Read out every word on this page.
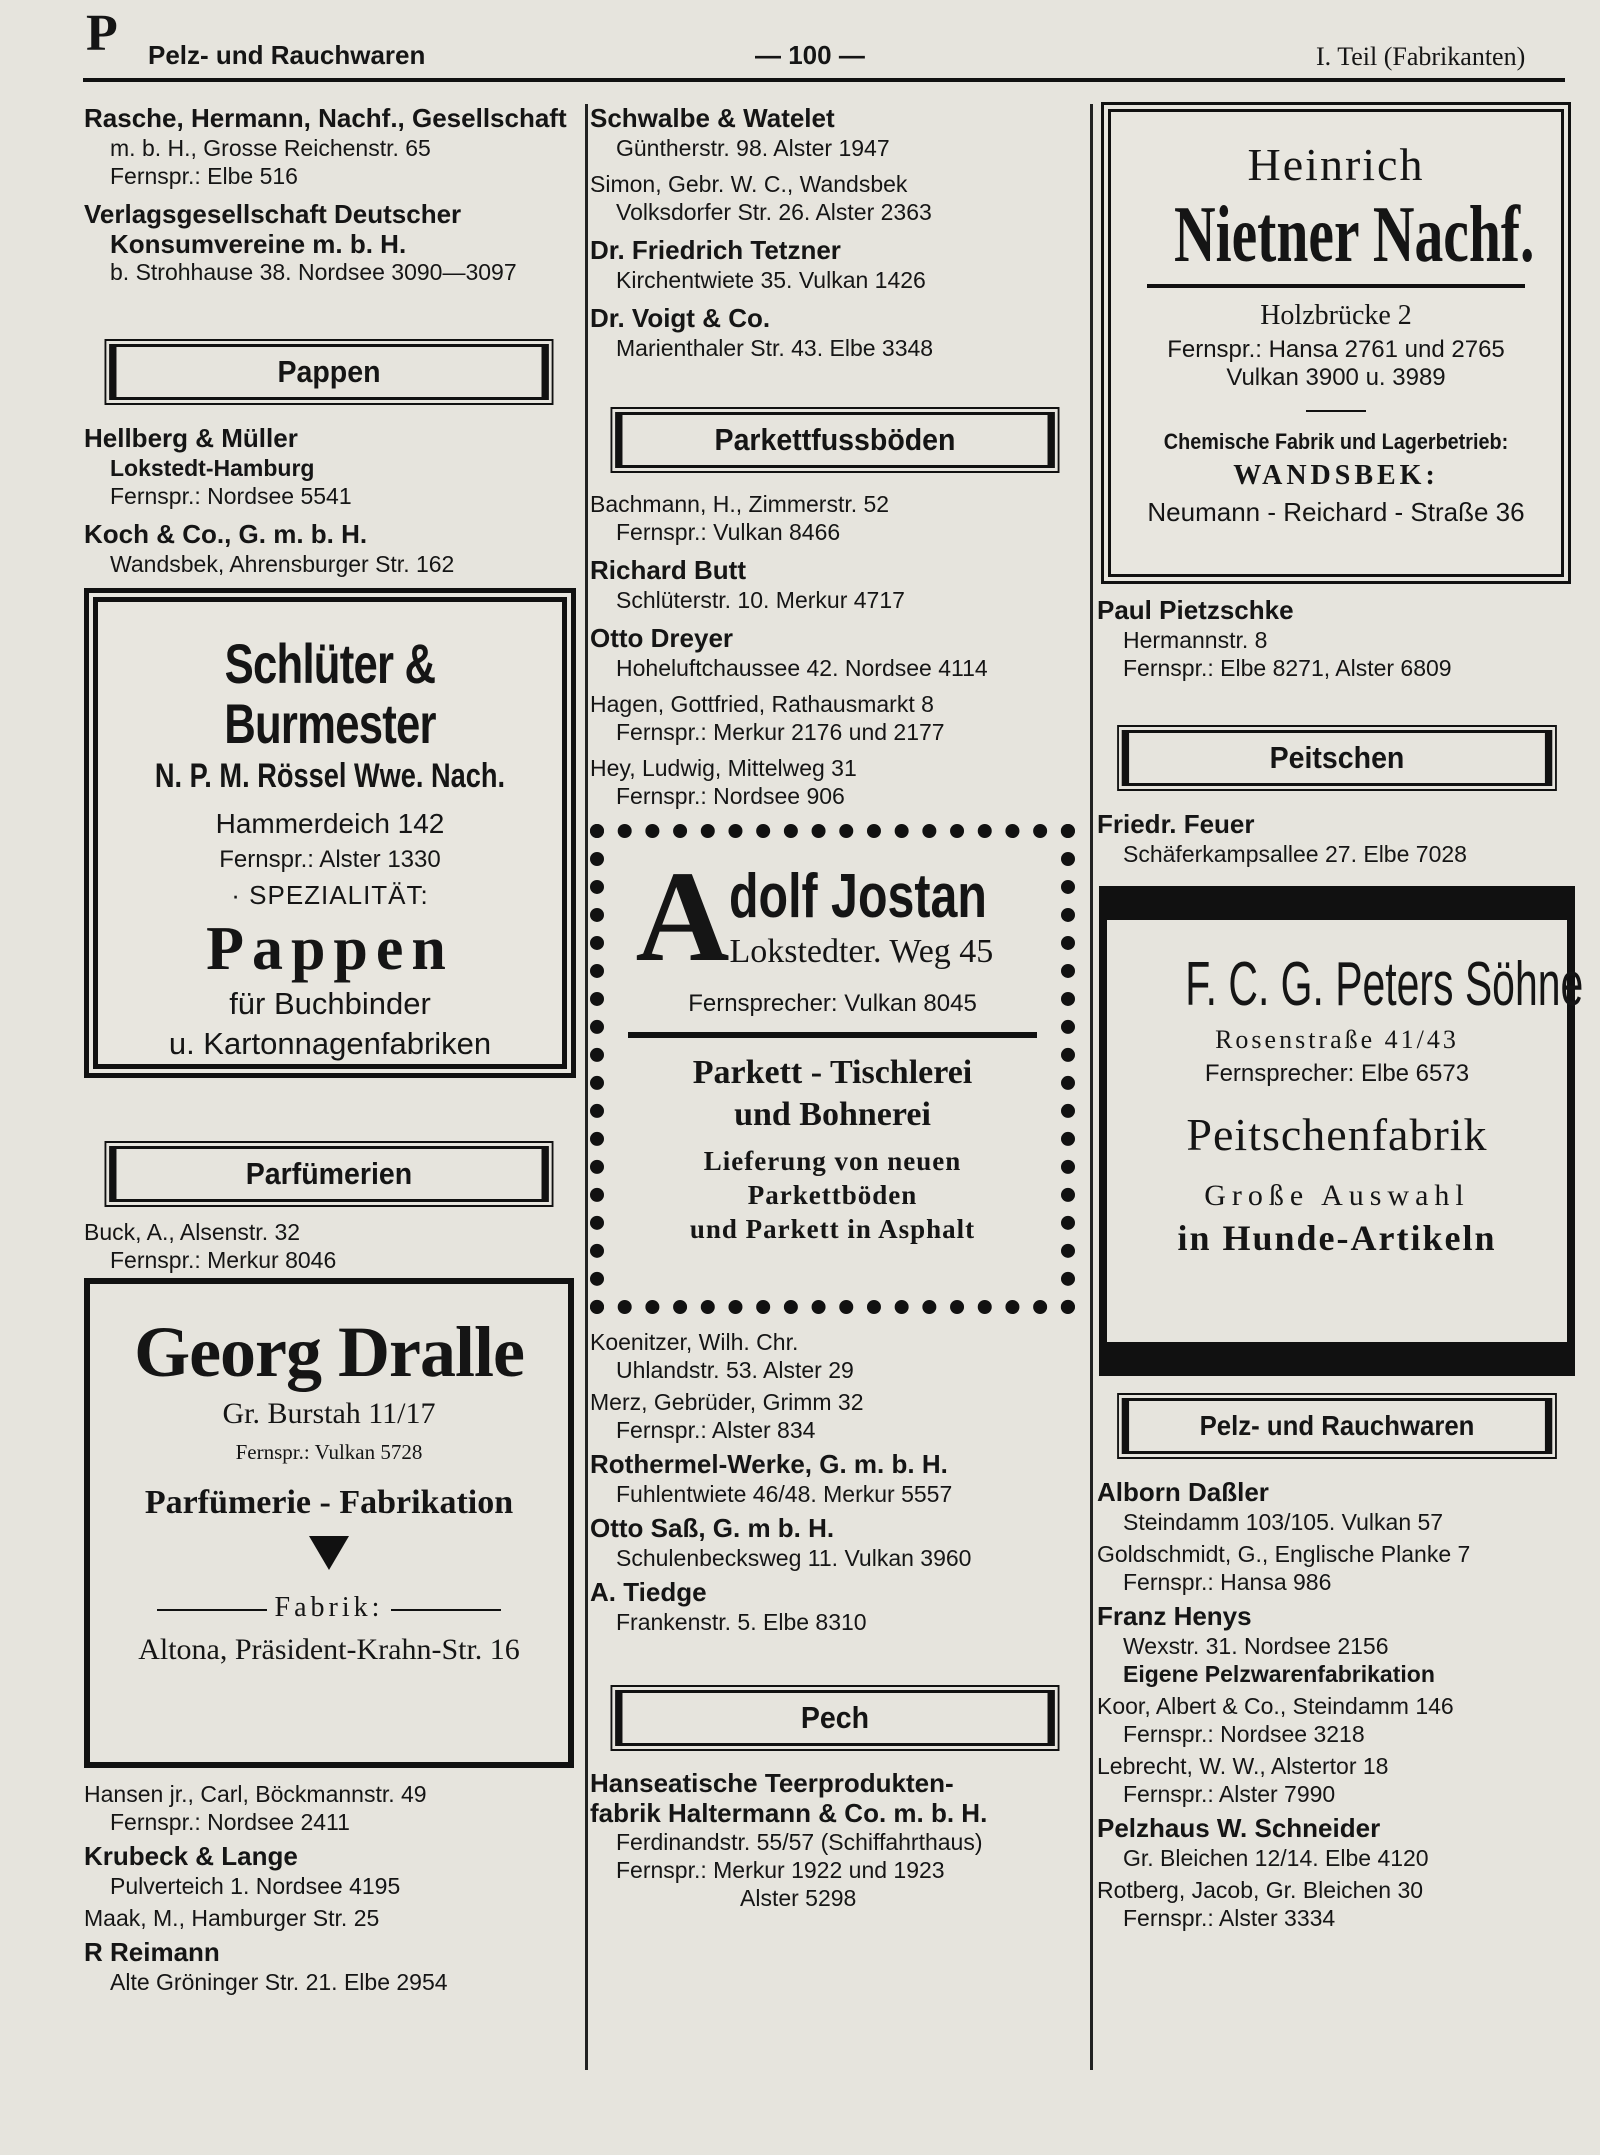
P Pelz- und Rauchwaren	— 100 —	I. Teil (Fabrikanten)
Rasche, Hermann, Nachf., Gesellschaft
m. b. H., Grosse Reichenstr. 65
Fernspr.: Elbe 516
Verlagsgesellschaft Deutscher
Konsumvereine m. b. H.
b. Strohhause 38. Nordsee 3090—3097
Pappen
Hellberg & Müller
Lokstedt-Hamburg
Fernspr.: Nordsee 5541
Koch & Co., G. m. b. H.
Wandsbek, Ahrensburger Str. 162
Schlüter & Burmester
N. P. M. Rössel Wwe. Nach.
Hammerdeich 142
Fernspr.: Alster 1330
· SPEZIALITÄT:
Pappen
für Buchbinder
u. Kartonnagenfabriken
Parfümerien
Buck, A., Alsenstr. 32
Fernspr.: Merkur 8046
Georg Dralle
Gr. Burstah 11/17
Fernspr.: Vulkan 5728
Parfümerie - Fabrikation
Fabrik:
Altona, Präsident-Krahn-Str. 16
Hansen jr., Carl, Böckmannstr. 49
Fernspr.: Nordsee 2411
Krubeck & Lange
Pulverteich 1. Nordsee 4195
Maak, M., Hamburger Str. 25
R Reimann
Alte Gröninger Str. 21. Elbe 2954
Schwalbe & Watelet
Güntherstr. 98. Alster 1947
Simon, Gebr. W. C., Wandsbek
Volksdorfer Str. 26. Alster 2363
Dr. Friedrich Tetzner
Kirchentwiete 35. Vulkan 1426
Dr. Voigt & Co.
Marienthaler Str. 43. Elbe 3348
Parkettfussböden
Bachmann, H., Zimmerstr. 52
Fernspr.: Vulkan 8466
Richard Butt
Schlüterstr. 10. Merkur 4717
Otto Dreyer
Hoheluftchaussee 42. Nordsee 4114
Hagen, Gottfried, Rathausmarkt 8
Fernspr.: Merkur 2176 und 2177
Hey, Ludwig, Mittelweg 31
Fernspr.: Nordsee 906
A dolf Jostan
Lokstedter. Weg 45
Fernsprecher: Vulkan 8045
Parkett - Tischlerei
und Bohnerei
Lieferung von neuen
Parkettböden
und Parkett in Asphalt
Koenitzer, Wilh. Chr.
Uhlandstr. 53. Alster 29
Merz, Gebrüder, Grimm 32
Fernspr.: Alster 834
Rothermel-Werke, G. m. b. H.
Fuhlentwiete 46/48. Merkur 5557
Otto Saß, G. m b. H.
Schulenbecksweg 11. Vulkan 3960
A. Tiedge
Frankenstr. 5. Elbe 8310
Pech
Hanseatische Teerprodukten-
fabrik Haltermann & Co. m. b. H.
Ferdinandstr. 55/57 (Schiffahrthaus)
Fernspr.: Merkur 1922 und 1923
Alster 5298
Heinrich
Nietner Nachf.
Holzbrücke 2
Fernspr.: Hansa 2761 und 2765
Vulkan 3900 u. 3989
Chemische Fabrik und Lagerbetrieb:
WANDSBEK:
Neumann - Reichard - Straße 36
Paul Pietzschke
Hermannstr. 8
Fernspr.: Elbe 8271, Alster 6809
Peitschen
Friedr. Feuer
Schäferkampsallee 27. Elbe 7028
F. C. G. Peters Söhne
Rosenstraße 41/43
Fernsprecher: Elbe 6573
Peitschenfabrik
Große Auswahl
in Hunde-Artikeln
Pelz- und Rauchwaren
Alborn Daßler
Steindamm 103/105. Vulkan 57
Goldschmidt, G., Englische Planke 7
Fernspr.: Hansa 986
Franz Henys
Wexstr. 31. Nordsee 2156
Eigene Pelzwarenfabrikation
Koor, Albert & Co., Steindamm 146
Fernspr.: Nordsee 3218
Lebrecht, W. W., Alstertor 18
Fernspr.: Alster 7990
Pelzhaus W. Schneider
Gr. Bleichen 12/14. Elbe 4120
Rotberg, Jacob, Gr. Bleichen 30
Fernspr.: Alster 3334
